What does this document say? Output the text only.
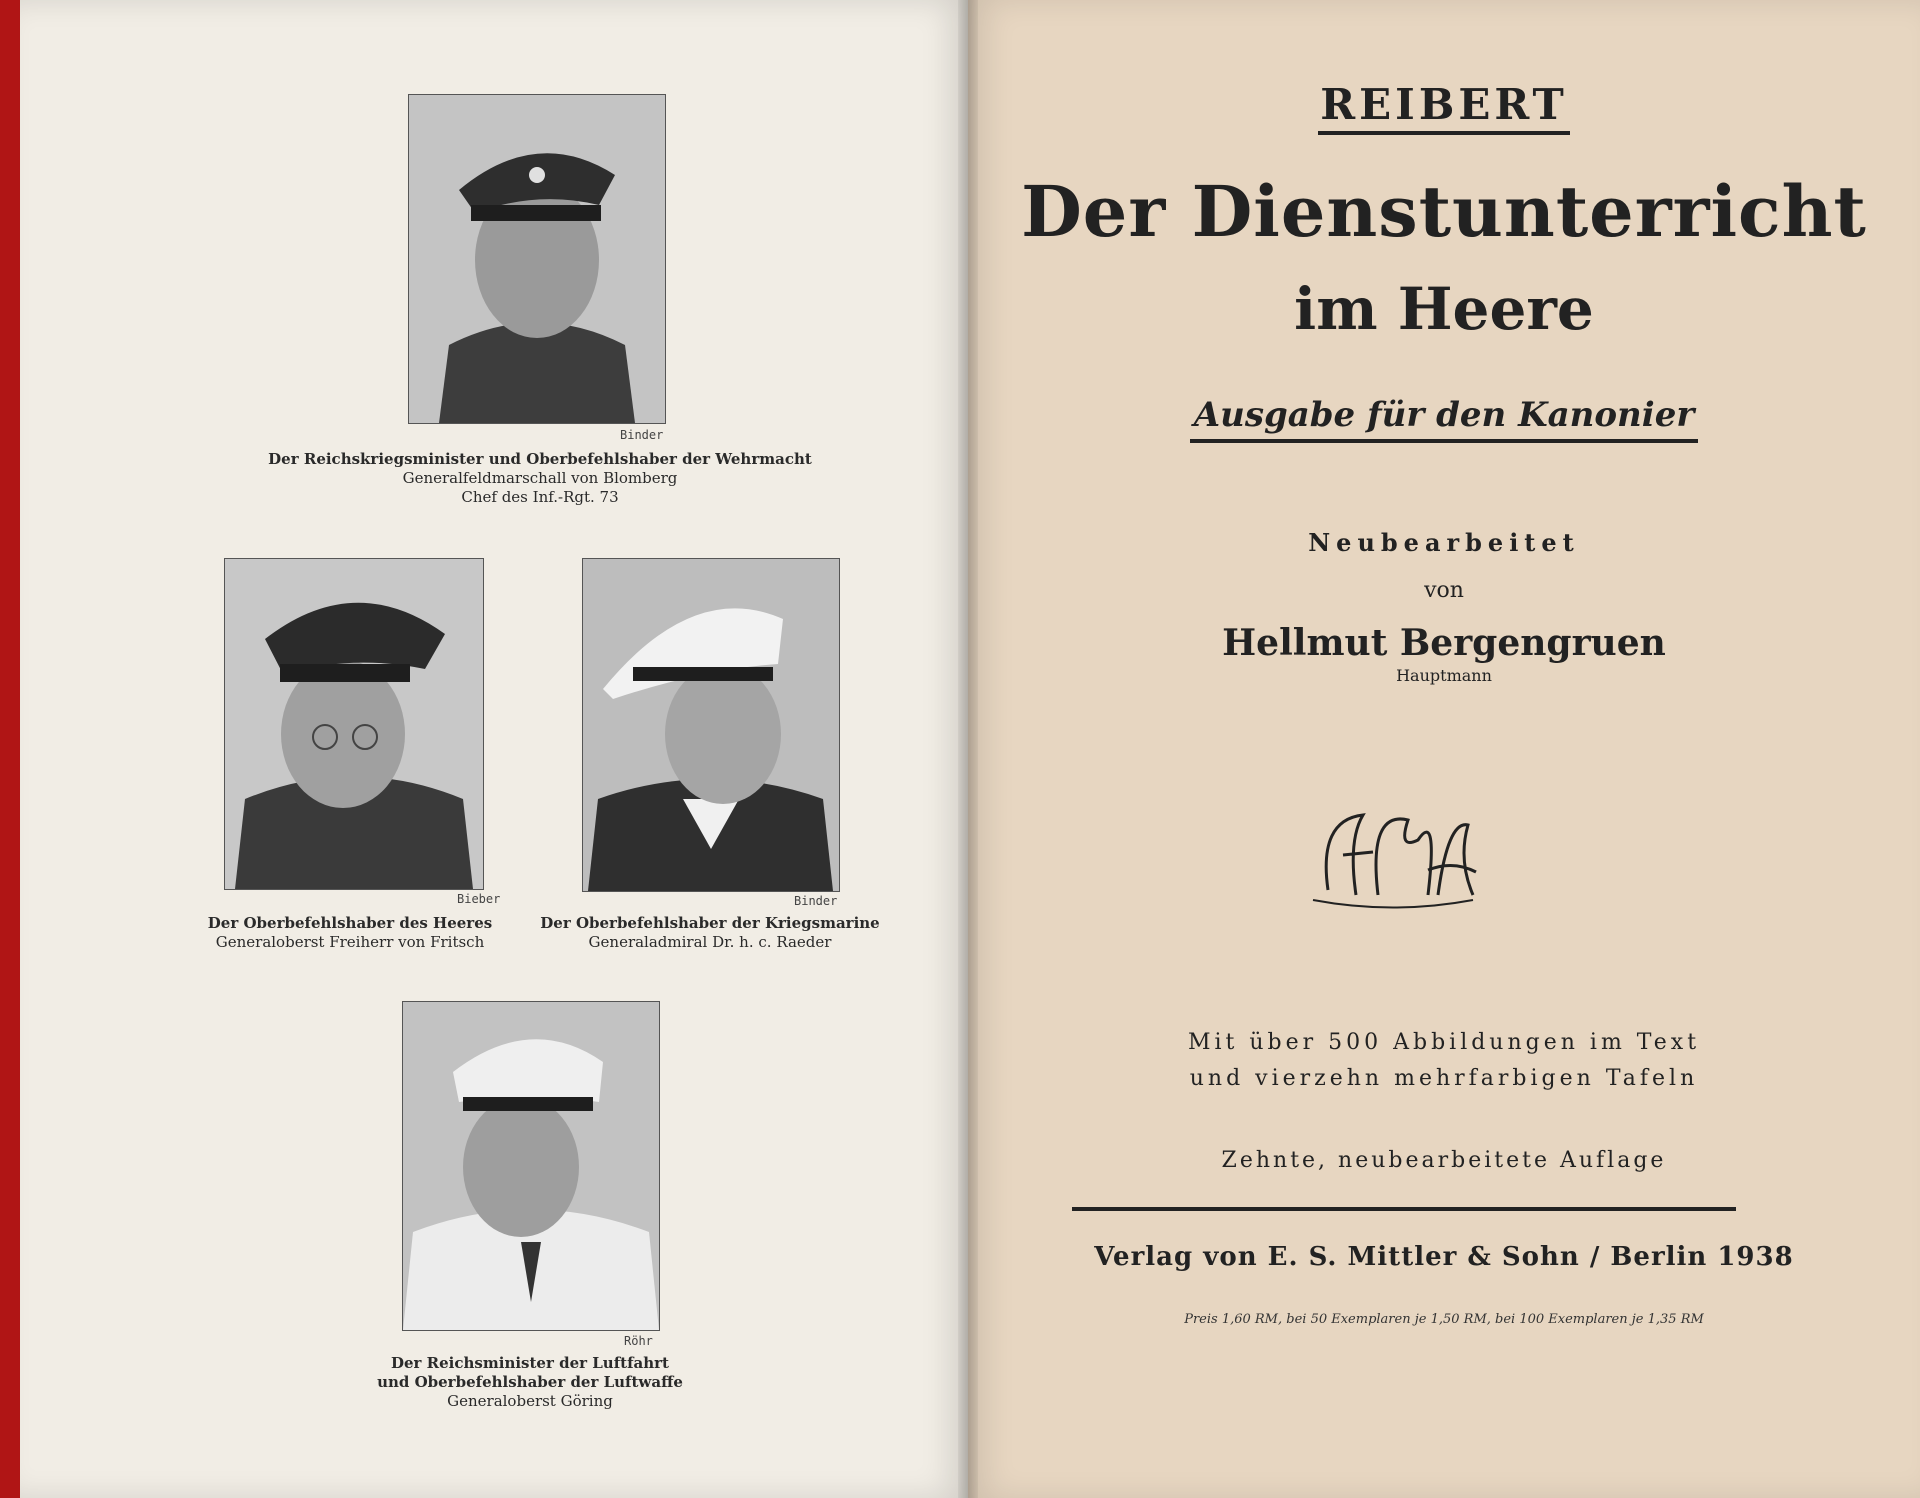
Binder
Der Reichskriegsminister und Oberbefehlshaber der Wehrmacht
Generalfeldmarschall von Blomberg
Chef des Inf.-Rgt. 73
Bieber
Der Oberbefehlshaber des Heeres
Generaloberst Freiherr von Fritsch
Binder
Der Oberbefehlshaber der Kriegsmarine
Generaladmiral Dr. h. c. Raeder
Röhr
Der Reichsminister der Luftfahrt
und Oberbefehlshaber der Luftwaffe
Generaloberst Göring
REIBERT
Der Dienstunterricht
im Heere
Ausgabe für den Kanonier
Neubearbeitet
von
Hellmut Bergengruen
Hauptmann
Mit über 500 Abbildungen im Text
und vierzehn mehrfarbigen Tafeln
Zehnte, neubearbeitete Auflage
Verlag von E. S. Mittler & Sohn / Berlin 1938
Preis 1,60 RM, bei 50 Exemplaren je 1,50 RM, bei 100 Exemplaren je 1,35 RM
